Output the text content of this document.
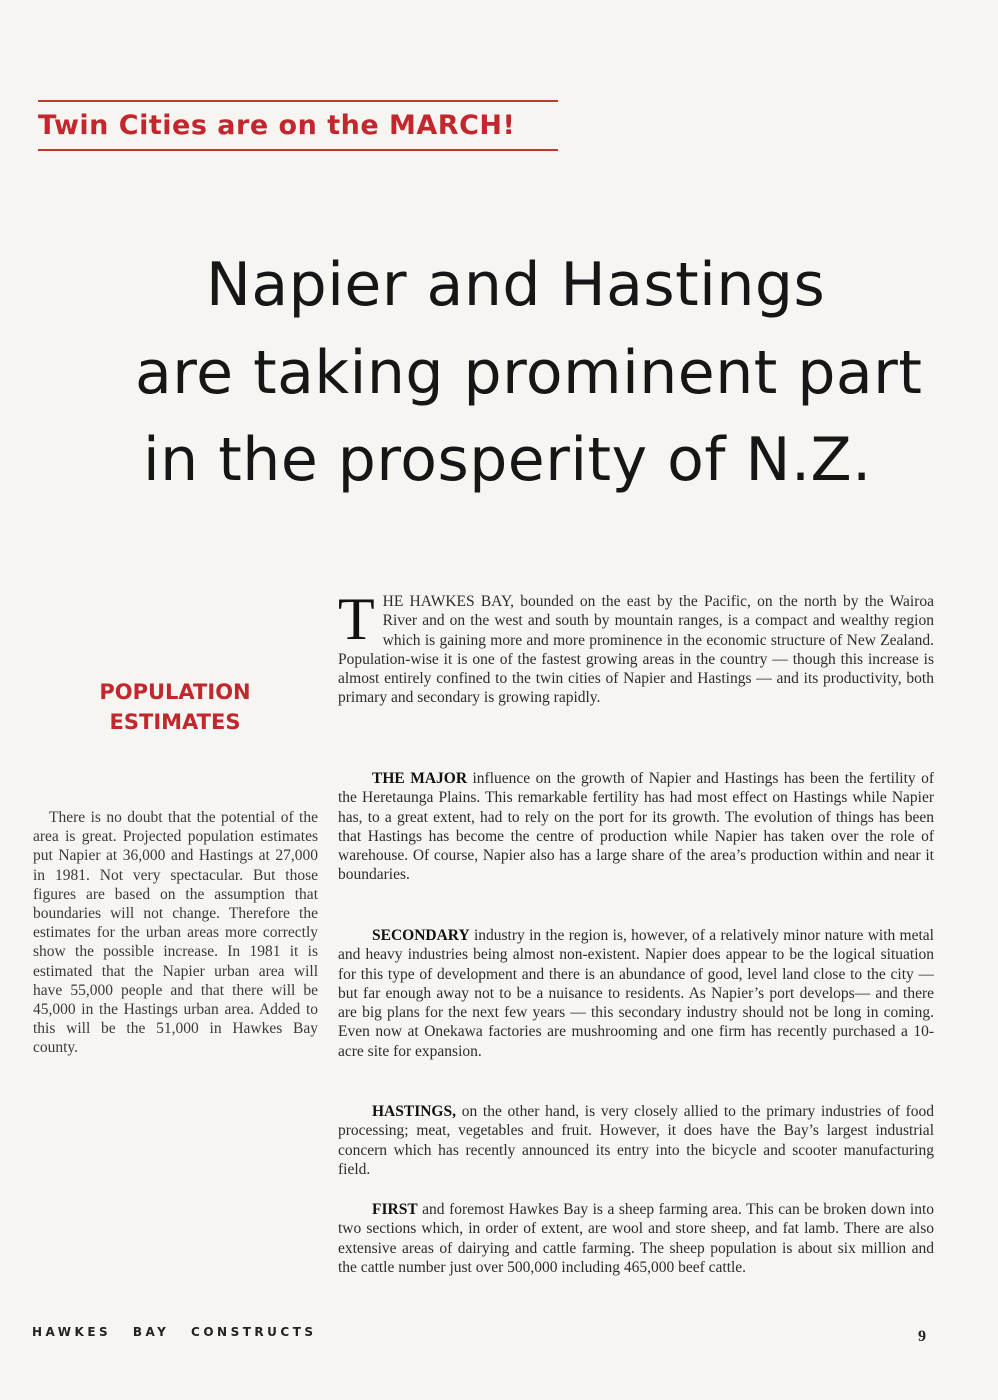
Twin Cities are on the MARCH!
Napier and Hastings
are taking prominent part
in the prosperity of N.Z.
POPULATION
ESTIMATES
There is no doubt that the potential of the area is great. Projected population estimates put Napier at 36,000 and Hastings at 27,000 in 1981. Not very spectacular. But those figures are based on the assumption that boundaries will not change. Therefore the estimates for the urban areas more correctly show the possible increase. In 1981 it is estimated that the Napier urban area will have 55,000 people and that there will be 45,000 in the Hastings urban area. Added to this will be the 51,000 in Hawkes Bay county.

THE HAWKES BAY, bounded on the east by the Pacific, on the north by the Wairoa River and on the west and south by mountain ranges, is a compact and wealthy region which is gaining more and more prominence in the economic structure of New Zealand. Population-wise it is one of the fastest growing areas in the country — though this increase is almost entirely confined to the twin cities of Napier and Hastings — and its productivity, both primary and secondary is growing rapidly.

THE MAJOR influence on the growth of Napier and Hastings has been the fertility of the Heretaunga Plains. This remarkable fertility has had most effect on Hastings while Napier has, to a great extent, had to rely on the port for its growth. The evolution of things has been that Hastings has become the centre of production while Napier has taken over the role of warehouse. Of course, Napier also has a large share of the area’s production within and near it boundaries.

SECONDARY industry in the region is, however, of a relatively minor nature with metal and heavy industries being almost non-existent. Napier does appear to be the logical situation for this type of development and there is an abundance of good, level land close to the city — but far enough away not to be a nuisance to residents. As Napier’s port develops— and there are big plans for the next few years — this secondary industry should not be long in coming. Even now at Onekawa factories are mushrooming and one firm has recently purchased a 10-acre site for expansion.

HASTINGS, on the other hand, is very closely allied to the primary industries of food processing; meat, vegetables and fruit. However, it does have the Bay’s largest industrial concern which has recently announced its entry into the bicycle and scooter manufacturing field.

FIRST and foremost Hawkes Bay is a sheep farming area. This can be broken down into two sections which, in order of extent, are wool and store sheep, and fat lamb. There are also extensive areas of dairying and cattle farming. The sheep population is about six million and the cattle number just over 500,000 including 465,000 beef cattle.

HAWKES BAY CONSTRUCTS	9
